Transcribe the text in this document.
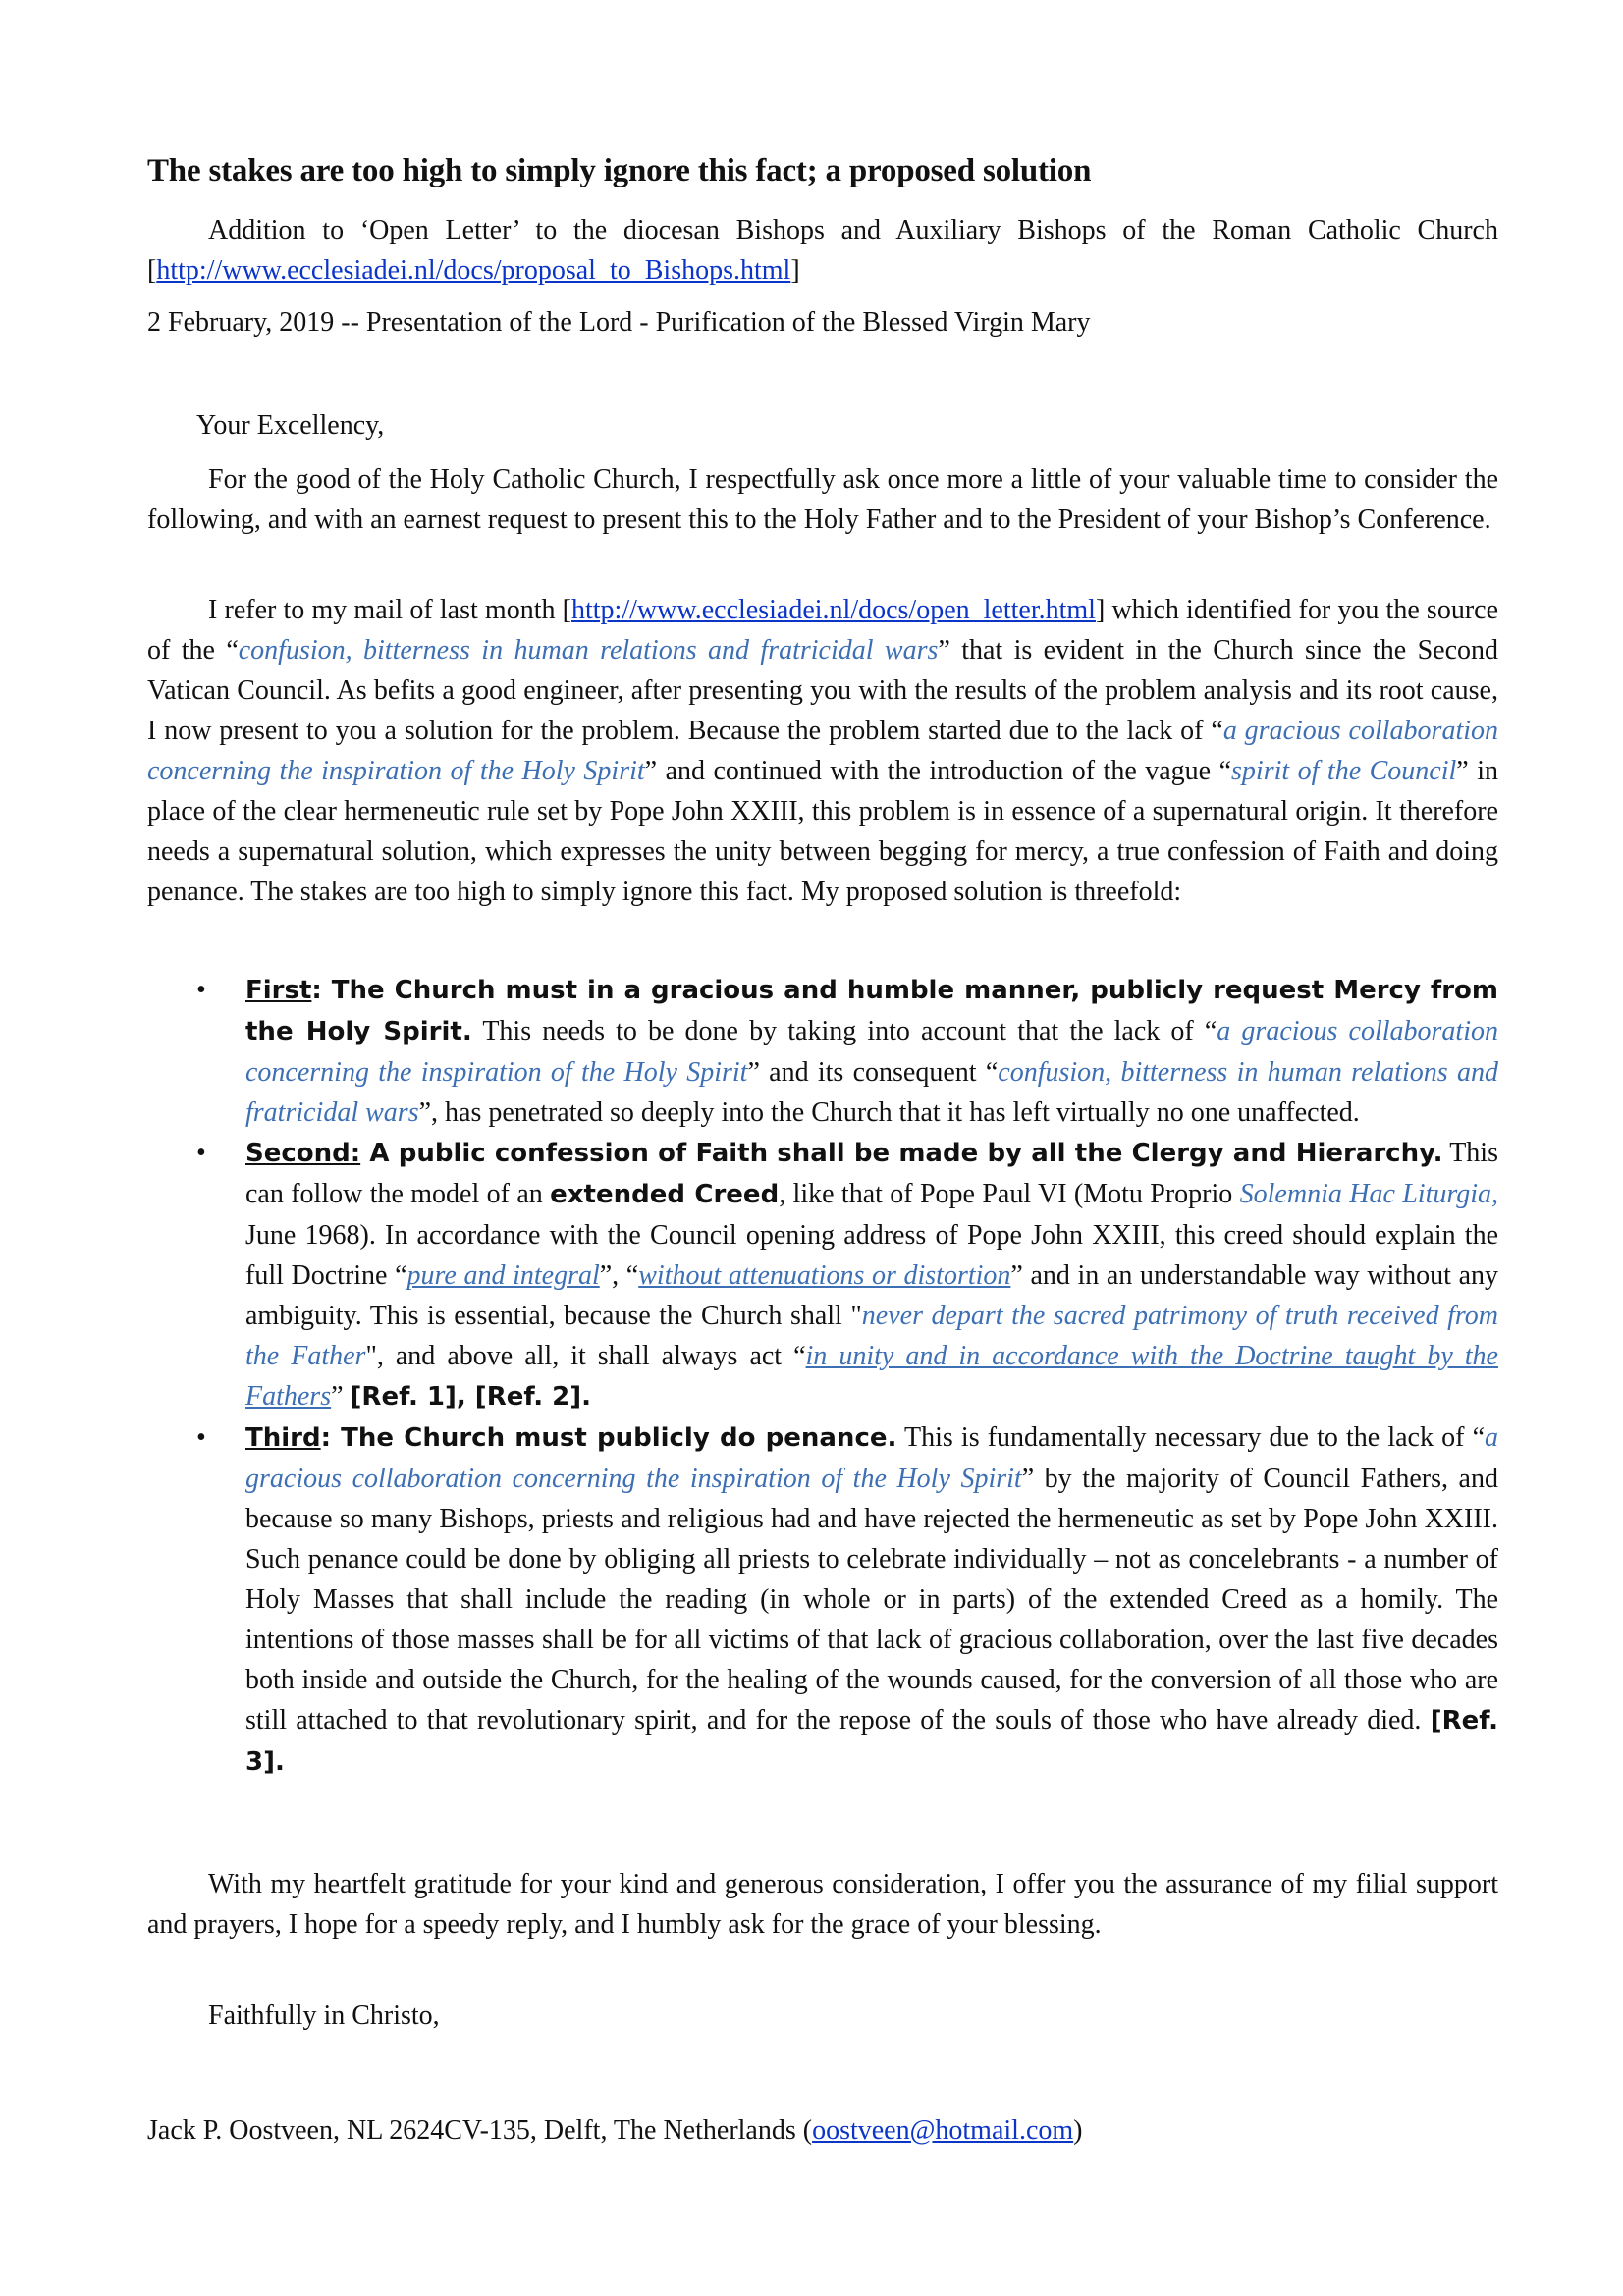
The stakes are too high to simply ignore this fact; a proposed solution

Addition to ‘Open Letter’ to the diocesan Bishops and Auxiliary Bishops of the Roman Catholic Church [http://www.ecclesiadei.nl/docs/proposal_to_Bishops.html]

2 February, 2019 -- Presentation of the Lord - Purification of the Blessed Virgin Mary

Your Excellency,

For the good of the Holy Catholic Church, I respectfully ask once more a little of your valuable time to consider the following, and with an earnest request to present this to the Holy Father and to the President of your Bishop’s Conference.

I refer to my mail of last month [http://www.ecclesiadei.nl/docs/open_letter.html] which identified for you the source of the “confusion, bitterness in human relations and fratricidal wars” that is evident in the Church since the Second Vatican Council. As befits a good engineer, after presenting you with the results of the problem analysis and its root cause, I now present to you a solution for the problem. Because the problem started due to the lack of “a gracious collaboration concerning the inspiration of the Holy Spirit” and continued with the introduction of the vague “spirit of the Council” in place of the clear hermeneutic rule set by Pope John XXIII, this problem is in essence of a supernatural origin. It therefore needs a supernatural solution, which expresses the unity between begging for mercy, a true confession of Faith and doing penance. The stakes are too high to simply ignore this fact. My proposed solution is threefold:

• First: The Church must in a gracious and humble manner, publicly request Mercy from the Holy Spirit. This needs to be done by taking into account that the lack of “a gracious collaboration concerning the inspiration of the Holy Spirit” and its consequent “confusion, bitterness in human relations and fratricidal wars”, has penetrated so deeply into the Church that it has left virtually no one unaffected.
• Second: A public confession of Faith shall be made by all the Clergy and Hierarchy. This can follow the model of an extended Creed, like that of Pope Paul VI (Motu Proprio Solemnia Hac Liturgia, June 1968). In accordance with the Council opening address of Pope John XXIII, this creed should explain the full Doctrine “pure and integral”, “without attenuations or distortion” and in an understandable way without any ambiguity. This is essential, because the Church shall "never depart the sacred patrimony of truth received from the Father", and above all, it shall always act “in unity and in accordance with the Doctrine taught by the Fathers” [Ref. 1], [Ref. 2].
• Third: The Church must publicly do penance. This is fundamentally necessary due to the lack of “a gracious collaboration concerning the inspiration of the Holy Spirit” by the majority of Council Fathers, and because so many Bishops, priests and religious had and have rejected the hermeneutic as set by Pope John XXIII. Such penance could be done by obliging all priests to celebrate individually – not as concelebrants - a number of Holy Masses that shall include the reading (in whole or in parts) of the extended Creed as a homily. The intentions of those masses shall be for all victims of that lack of gracious collaboration, over the last five decades both inside and outside the Church, for the healing of the wounds caused, for the conversion of all those who are still attached to that revolutionary spirit, and for the repose of the souls of those who have already died. [Ref. 3].

With my heartfelt gratitude for your kind and generous consideration, I offer you the assurance of my filial support and prayers, I hope for a speedy reply, and I humbly ask for the grace of your blessing.

Faithfully in Christo,

Jack P. Oostveen, NL 2624CV-135, Delft, The Netherlands (oostveen@hotmail.com)
